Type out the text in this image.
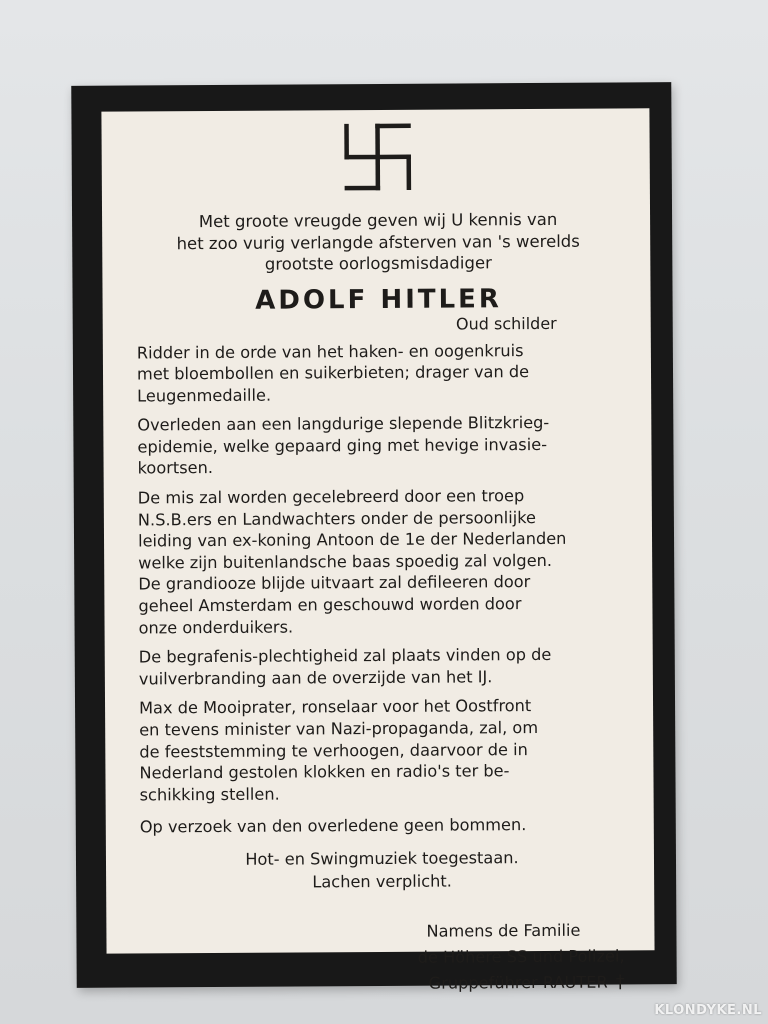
Met groote vreugde geven wij U kennis van
het zoo vurig verlangde afsterven van 's werelds
grootste oorlogsmisdadiger
ADOLF HITLER
Oud schilder
Ridder in de orde van het haken- en oogenkruis
met bloembollen en suikerbieten; drager van de
Leugenmedaille.
Overleden aan een langdurige slepende Blitzkrieg-
epidemie, welke gepaard ging met hevige invasie-
koortsen.
De mis zal worden gecelebreerd door een troep
N.S.B.ers en Landwachters onder de persoonlijke
leiding van ex-koning Antoon de 1e der Nederlanden
welke zijn buitenlandsche baas spoedig zal volgen.
De grandiooze blijde uitvaart zal defileeren door
geheel Amsterdam en geschouwd worden door
onze onderduikers.
De begrafenis-plechtigheid zal plaats vinden op de
vuilverbranding aan de overzijde van het IJ.
Max de Mooiprater, ronselaar voor het Oostfront
en tevens minister van Nazi-propaganda, zal, om
de feeststemming te verhoogen, daarvoor de in
Nederland gestolen klokken en radio's ter be-
schikking stellen.
Op verzoek van den overledene geen bommen.
Hot- en Swingmuziek toegestaan.
Lachen verplicht.
Namens de Familie
de Höhere SS und Polizei,
Gruppeführer RAUTER †
KLONDYKE.NL
